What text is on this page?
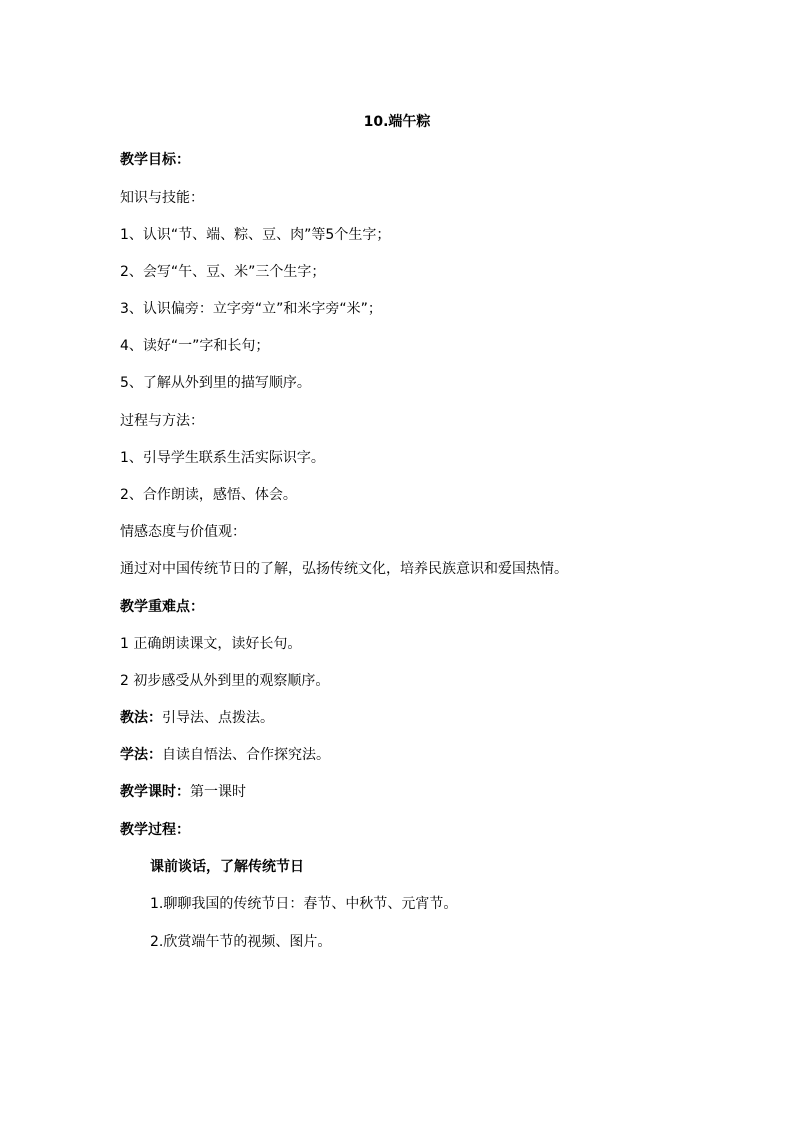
10.端午粽
教学目标：
知识与技能：
1、认识“节、端、粽、豆、肉”等5个生字；
2、会写“午、豆、米”三个生字；
3、认识偏旁：立字旁“立”和米字旁“米”；
4、读好“一”字和长句；
5、了解从外到里的描写顺序。
过程与方法：
1、引导学生联系生活实际识字。
2、合作朗读，感悟、体会。
情感态度与价值观：
通过对中国传统节日的了解，弘扬传统文化，培养民族意识和爱国热情。
教学重难点：
1 正确朗读课文，读好长句。
2 初步感受从外到里的观察顺序。
教法：引导法、点拨法。
学法：自读自悟法、合作探究法。
教学课时：第一课时
教学过程：
课前谈话，了解传统节日
1.聊聊我国的传统节日：春节、中秋节、元宵节。
2.欣赏端午节的视频、图片。
